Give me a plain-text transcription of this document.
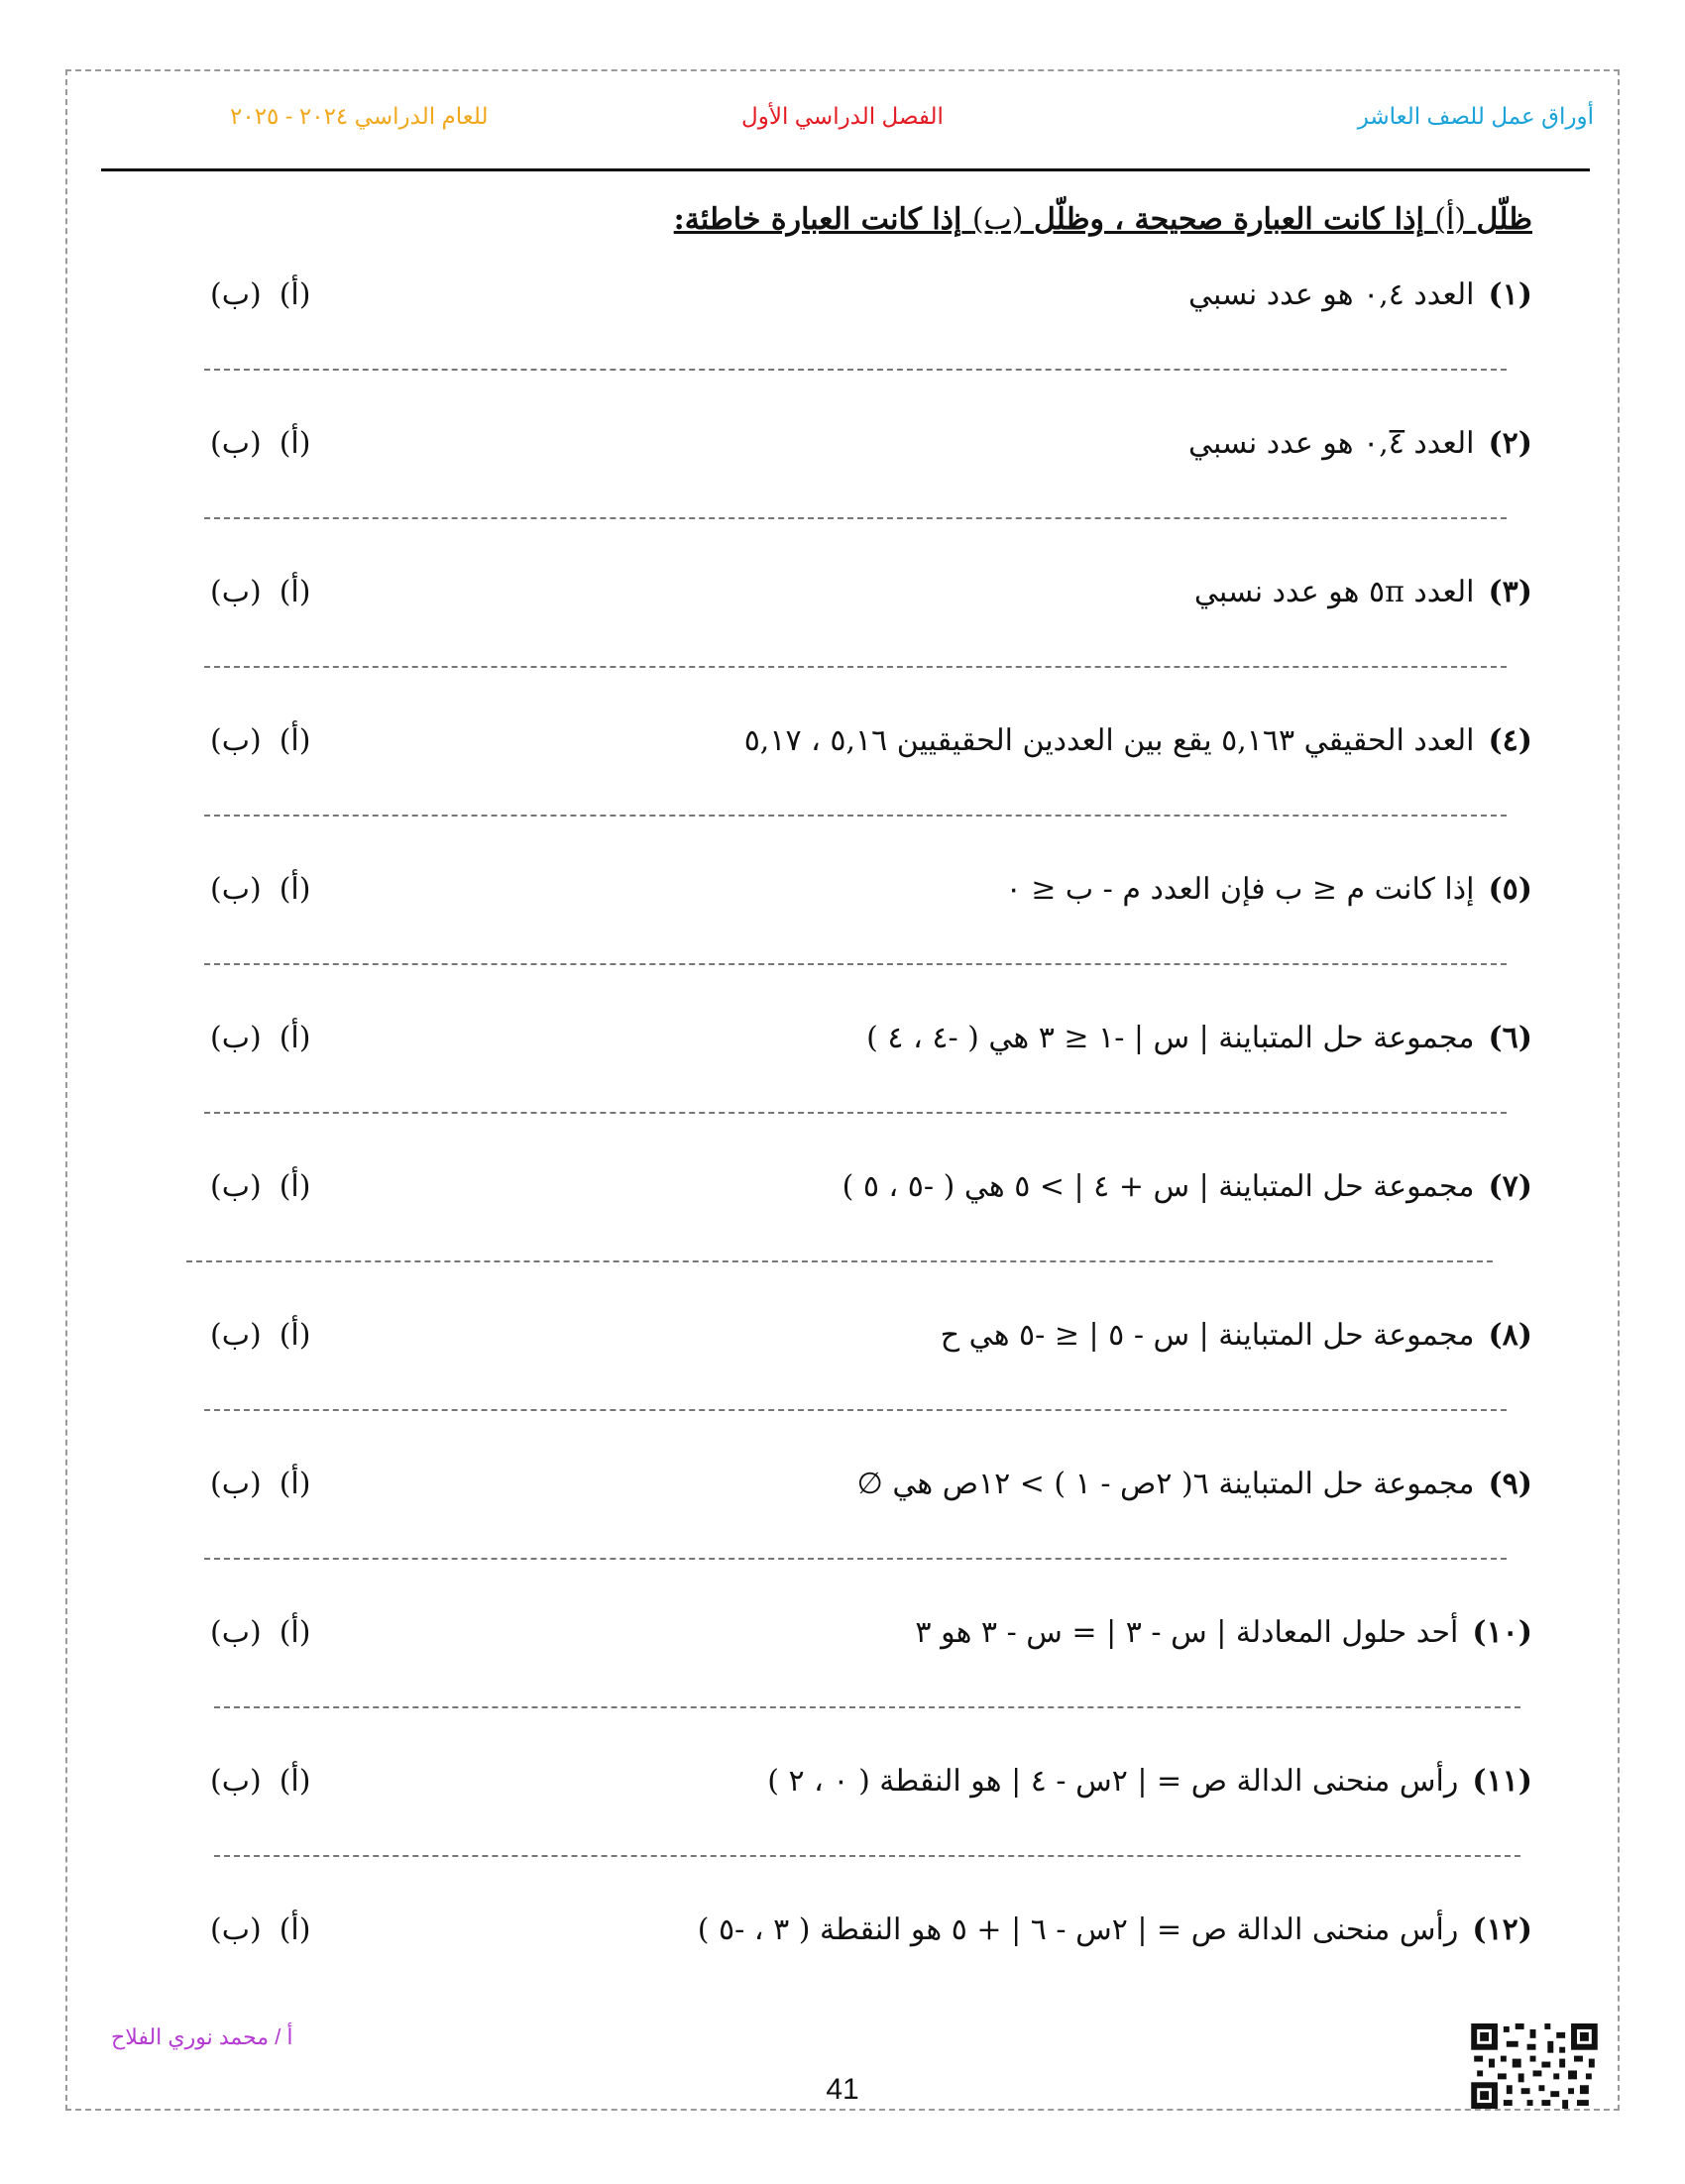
أوراق عمل للصف العاشر
الفصل الدراسي الأول
للعام الدراسي ٢٠٢٤ - ٢٠٢٥
ظلّل (أ) إذا كانت العبارة صحيحة ، وظلّل (ب) إذا كانت العبارة خاطئة:
(١)العدد ٠,٤ هو عدد نسبي
(ب) (أ)
(٢)العدد ٠,٤̅ هو عدد نسبي
(ب) (أ)
(٣)العدد ٥π هو عدد نسبي
(ب) (أ)
(٤)العدد الحقيقي ٥,١٦٣ يقع بين العددين الحقيقيين ٥,١٦ ، ٥,١٧
(ب) (أ)
(٥)إذا كانت م ≤ ب فإن العدد م - ب ≤ ٠
(ب) (أ)
(٦)مجموعة حل المتباينة | س | -١ ≤ ٣ هي ( -٤ ، ٤ )
(ب) (أ)
(٧)مجموعة حل المتباينة | س + ٤ | > ٥ هي ( -٥ ، ٥ )
(ب) (أ)
(٨)مجموعة حل المتباينة | س - ٥ | ≤ -٥ هي ح
(ب) (أ)
(٩)مجموعة حل المتباينة ٦( ٢ص - ١ ) > ١٢ص هي ∅
(ب) (أ)
(١٠)أحد حلول المعادلة | س - ٣ | = س - ٣ هو ٣
(ب) (أ)
(١١)رأس منحنى الدالة ص = | ٢س - ٤ | هو النقطة ( ٠ ، ٢ )
(ب) (أ)
(١٢)رأس منحنى الدالة ص = | ٢س - ٦ | + ٥ هو النقطة ( ٣ ، -٥ )
(ب) (أ)
أ / محمد نوري الفلاح
41
